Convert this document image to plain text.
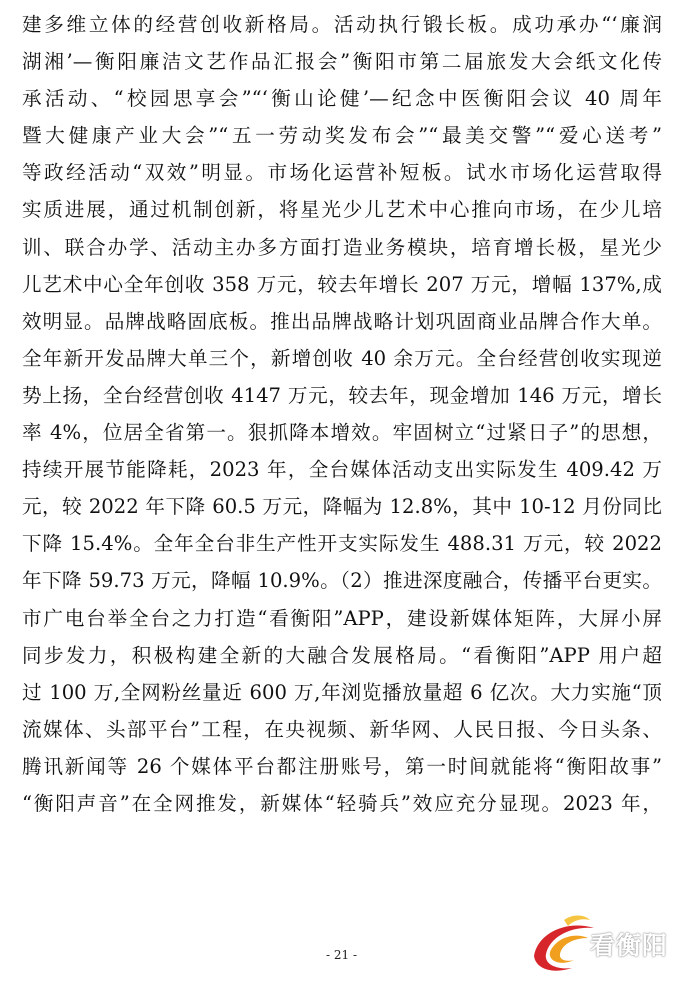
建多维立体的经营创收新格局。活动执行锻长板。成功承办“‘廉润
湖湘’—衡阳廉洁文艺作品汇报会”衡阳市第二届旅发大会纸文化传
承活动、“校园思享会”“‘衡山论健’—纪念中医衡阳会议 40 周年
暨大健康产业大会”“五一劳动奖发布会”“最美交警”“爱心送考”
等政经活动“双效”明显。市场化运营补短板。试水市场化运营取得
实质进展，通过机制创新，将星光少儿艺术中心推向市场，在少儿培
训、联合办学、活动主办多方面打造业务模块，培育增长极，星光少
儿艺术中心全年创收 358 万元，较去年增长 207 万元，增幅 137%,成
效明显。品牌战略固底板。推出品牌战略计划巩固商业品牌合作大单。
全年新开发品牌大单三个，新增创收 40 余万元。全台经营创收实现逆
势上扬，全台经营创收 4147 万元，较去年，现金增加 146 万元，增长
率 4%，位居全省第一。狠抓降本增效。牢固树立“过紧日子”的思想，
持续开展节能降耗，2023 年，全台媒体活动支出实际发生 409.42 万
元，较 2022 年下降 60.5 万元，降幅为 12.8%，其中 10-12 月份同比
下降 15.4%。全年全台非生产性开支实际发生 488.31 万元，较 2022
年下降 59.73 万元，降幅 10.9%。（2）推进深度融合，传播平台更实。
市广电台举全台之力打造“看衡阳”APP，建设新媒体矩阵，大屏小屏
同步发力，积极构建全新的大融合发展格局。“看衡阳”APP 用户超
过 100 万,全网粉丝量近 600 万,年浏览播放量超 6 亿次。大力实施“顶
流媒体、头部平台”工程，在央视频、新华网、人民日报、今日头条、
腾讯新闻等 26 个媒体平台都注册账号，第一时间就能将“衡阳故事”
“衡阳声音”在全网推发，新媒体“轻骑兵”效应充分显现。2023 年，
- 21 -	看衡阳
